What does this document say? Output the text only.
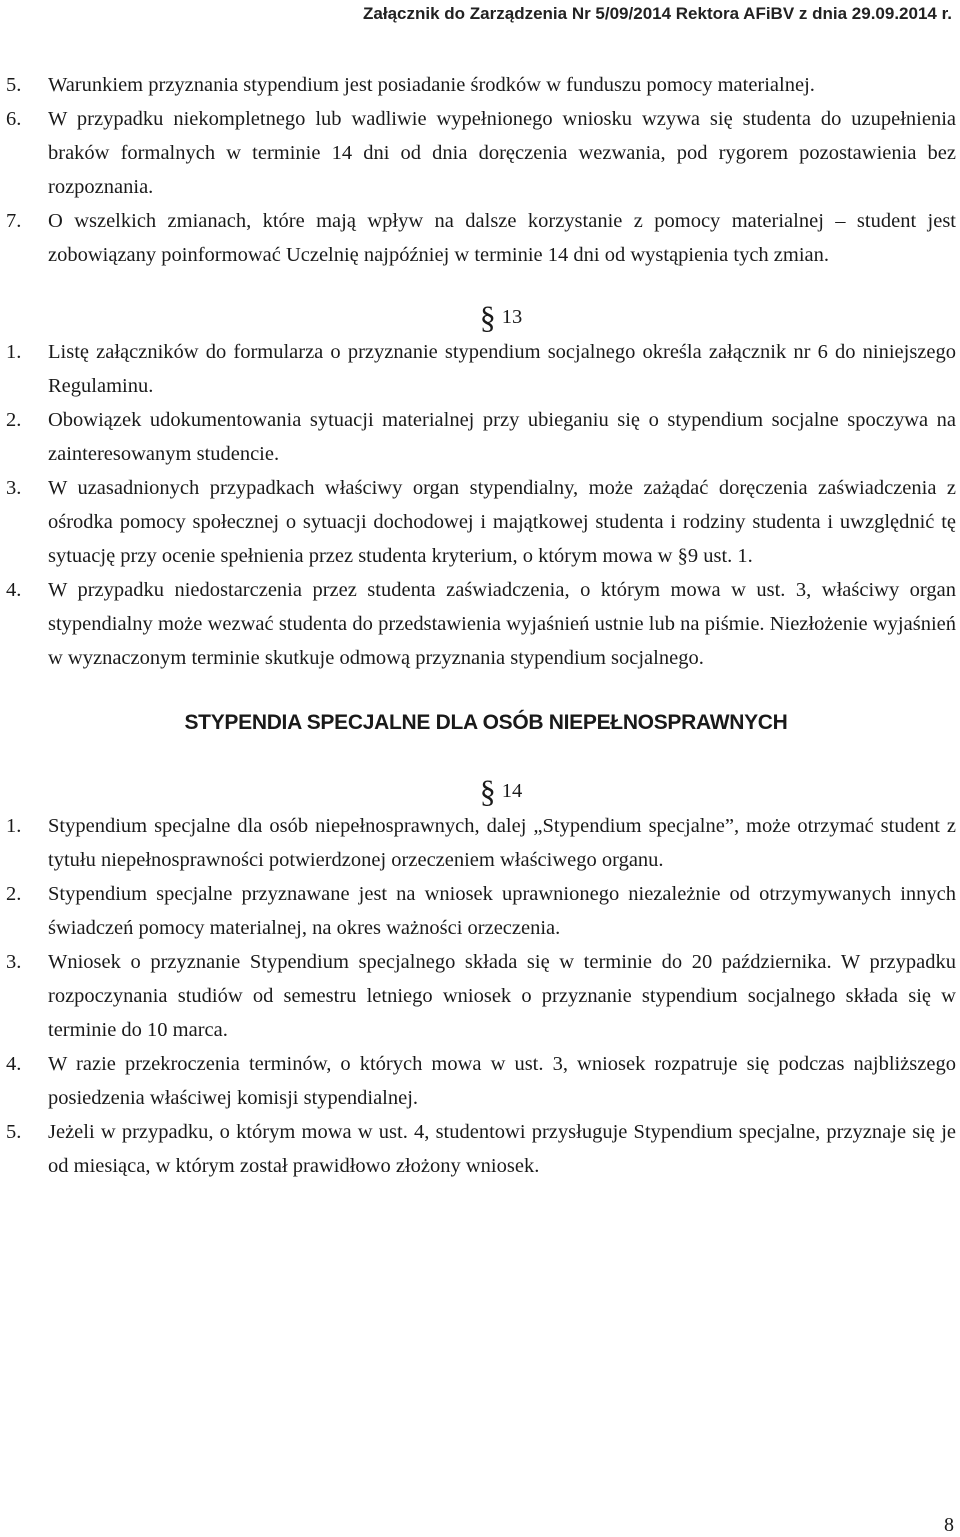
Załącznik do Zarządzenia Nr 5/09/2014 Rektora AFiBV z dnia 29.09.2014 r.
5.	Warunkiem przyznania stypendium jest posiadanie środków w funduszu pomocy materialnej.
6.	W przypadku niekompletnego lub wadliwie wypełnionego wniosku wzywa się studenta do uzupełnienia braków formalnych w terminie 14 dni od dnia doręczenia wezwania, pod rygorem pozostawienia bez rozpoznania.
7.	O wszelkich zmianach, które mają wpływ na dalsze korzystanie z pomocy materialnej – student jest zobowiązany poinformować Uczelnię najpóźniej w terminie 14 dni od wystąpienia tych zmian.
§ 13
1.	Listę załączników do formularza o przyznanie stypendium socjalnego określa załącznik nr 6 do niniejszego Regulaminu.
2.	Obowiązek udokumentowania sytuacji materialnej przy ubieganiu się o stypendium socjalne spoczywa na zainteresowanym studencie.
3.	W uzasadnionych przypadkach właściwy organ stypendialny, może zażądać doręczenia zaświadczenia z ośrodka pomocy społecznej o sytuacji dochodowej i majątkowej studenta i rodziny studenta i uwzględnić tę sytuację przy ocenie spełnienia przez studenta kryterium, o którym mowa w §9 ust. 1.
4.	W przypadku niedostarczenia przez studenta zaświadczenia, o którym mowa w ust. 3, właściwy organ stypendialny może wezwać studenta do przedstawienia wyjaśnień ustnie lub na piśmie. Niezłożenie wyjaśnień w wyznaczonym terminie skutkuje odmową przyznania stypendium socjalnego.
STYPENDIA SPECJALNE DLA OSÓB NIEPEŁNOSPRAWNYCH
§ 14
1.	Stypendium specjalne dla osób niepełnosprawnych, dalej „Stypendium specjalne”, może otrzymać student z tytułu niepełnosprawności potwierdzonej orzeczeniem właściwego organu.
2.	Stypendium specjalne przyznawane jest na wniosek uprawnionego niezależnie od otrzymywanych innych świadczeń pomocy materialnej, na okres ważności orzeczenia.
3.	Wniosek o przyznanie Stypendium specjalnego składa się w terminie do 20 października. W przypadku rozpoczynania studiów od semestru letniego wniosek o przyznanie stypendium socjalnego składa się w terminie do 10 marca.
4.	W razie przekroczenia terminów, o których mowa w ust. 3, wniosek rozpatruje się podczas najbliższego posiedzenia właściwej komisji stypendialnej.
5.	Jeżeli w przypadku, o którym mowa w ust. 4, studentowi przysługuje Stypendium specjalne, przyznaje się je od miesiąca, w którym został prawidłowo złożony wniosek.
8
